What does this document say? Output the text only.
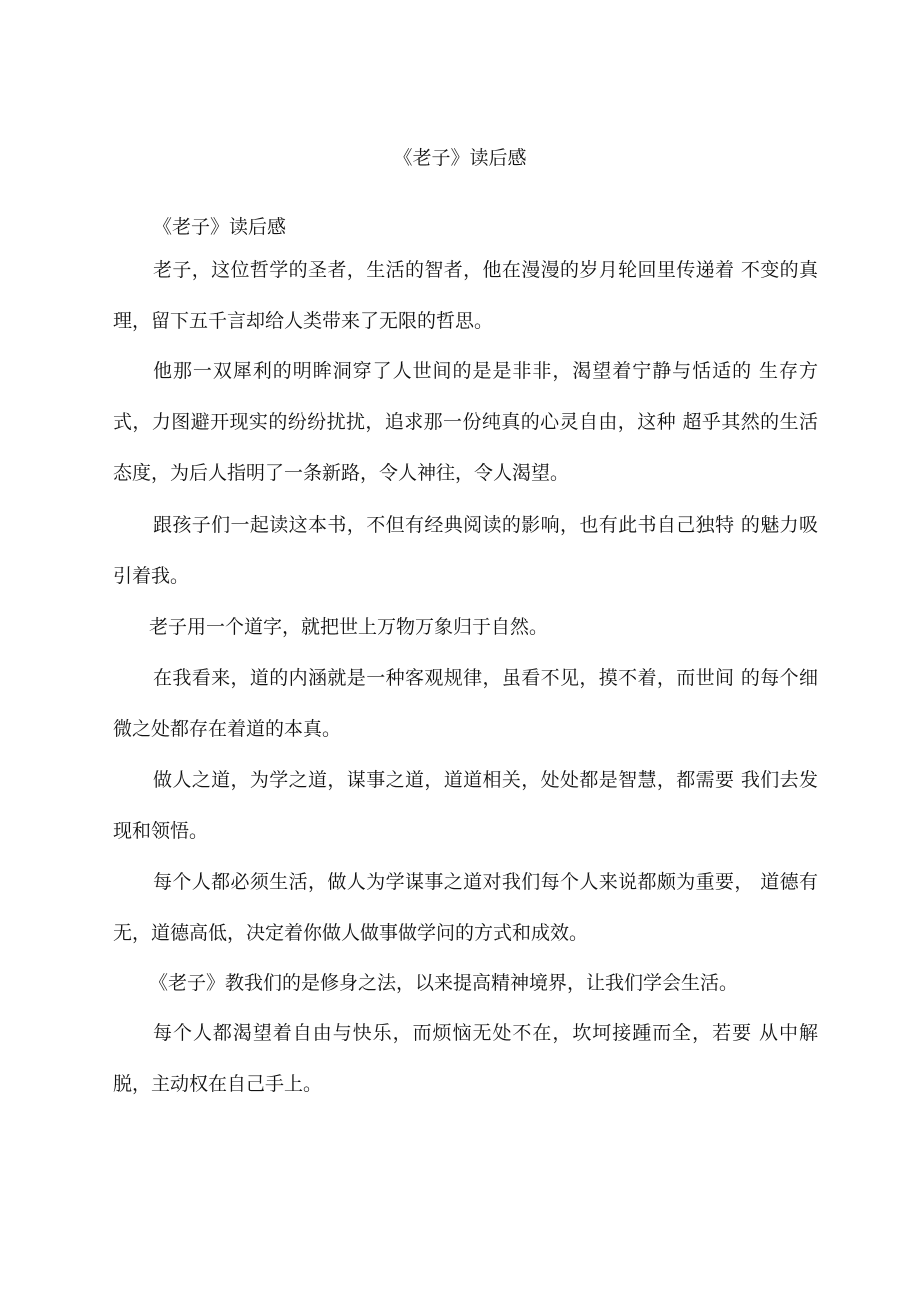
《老子》读后感

《老子》读后感

老子，这位哲学的圣者，生活的智者，他在漫漫的岁月轮回里传递着 不变的真理，留下五千言却给人类带来了无限的哲思。

他那一双犀利的明眸洞穿了人世间的是是非非，渴望着宁静与恬适的 生存方式，力图避开现实的纷纷扰扰，追求那一份纯真的心灵自由，这种 超乎其然的生活态度，为后人指明了一条新路，令人神往，令人渴望。

跟孩子们一起读这本书，不但有经典阅读的影响，也有此书自己独特 的魅力吸引着我。

老子用一个道字，就把世上万物万象归于自然。

在我看来，道的内涵就是一种客观规律，虽看不见，摸不着，而世间 的每个细微之处都存在着道的本真。

做人之道，为学之道，谋事之道，道道相关，处处都是智慧，都需要 我们去发现和领悟。

每个人都必须生活，做人为学谋事之道对我们每个人来说都颇为重要， 道德有无，道德高低，决定着你做人做事做学问的方式和成效。

《老子》教我们的是修身之法，以来提高精神境界，让我们学会生活。

每个人都渴望着自由与快乐，而烦恼无处不在，坎坷接踵而全，若要 从中解脱，主动权在自己手上。
